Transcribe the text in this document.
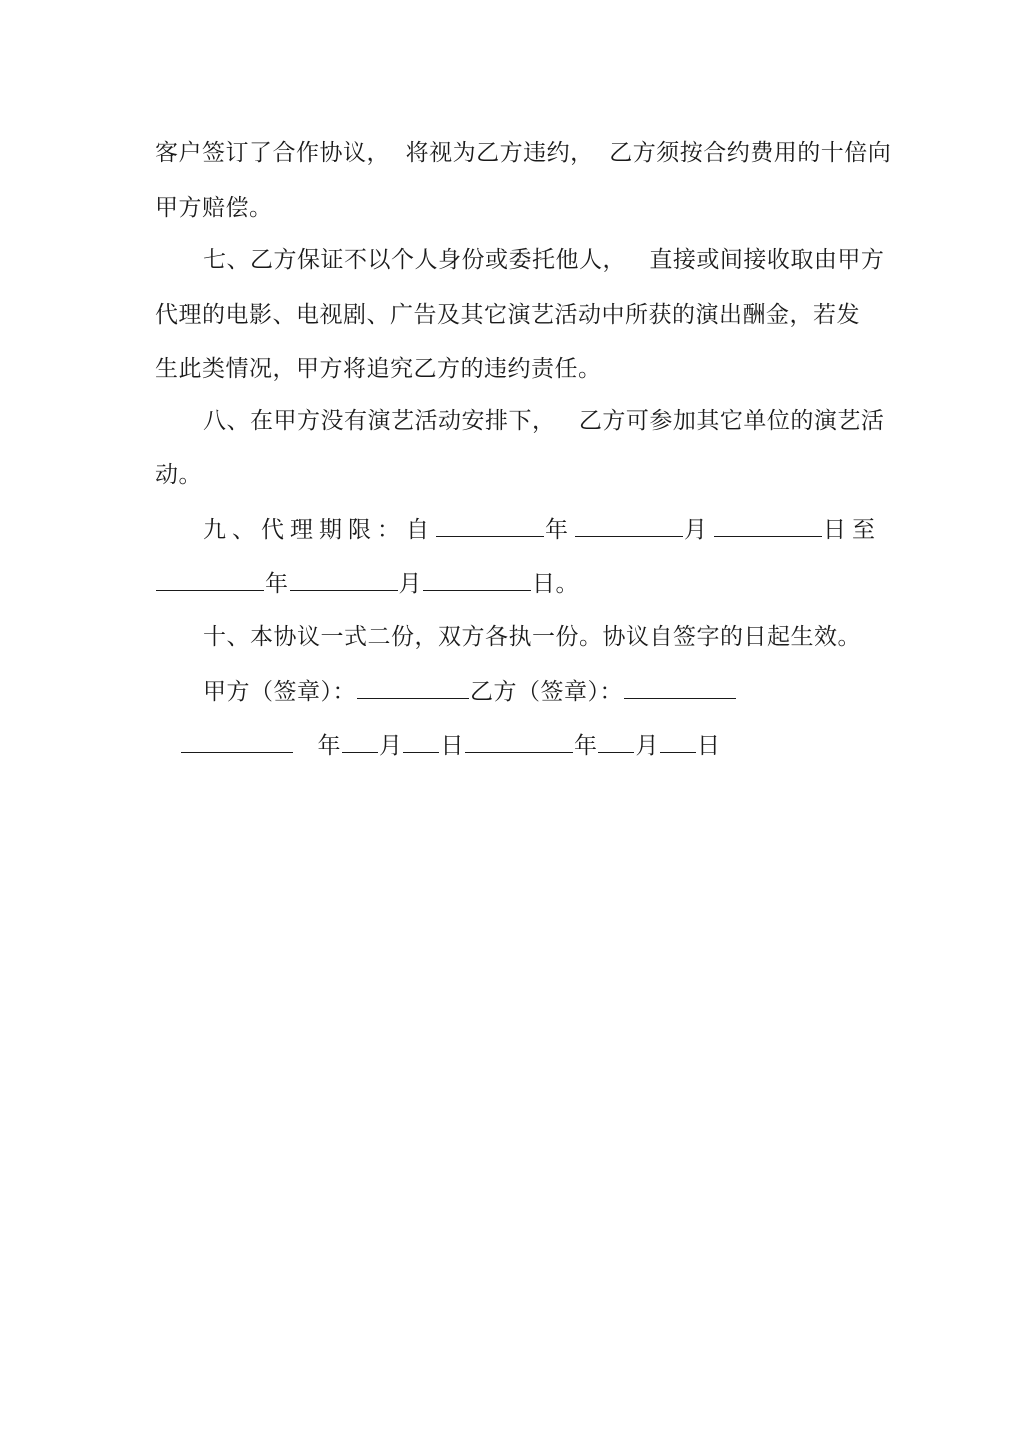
客户签订了合作协议，  将视为乙方违约，  乙方须按合约费用的十倍向
甲方赔偿。
七、乙方保证不以个人身份或委托他人，   直接或间接收取由甲方
代理的电影、电视剧、广告及其它演艺活动中所获的演出酬金，若发
生此类情况，甲方将追究乙方的违约责任。
八、在甲方没有演艺活动安排下，   乙方可参加其它单位的演艺活
动。
九、代理期限：自	年	月	日至
年	月	日。
十、本协议一式二份，双方各执一份。协议自签字的日起生效。
甲方（签章）：	乙方（签章）：
年 月 日	年 月 日
